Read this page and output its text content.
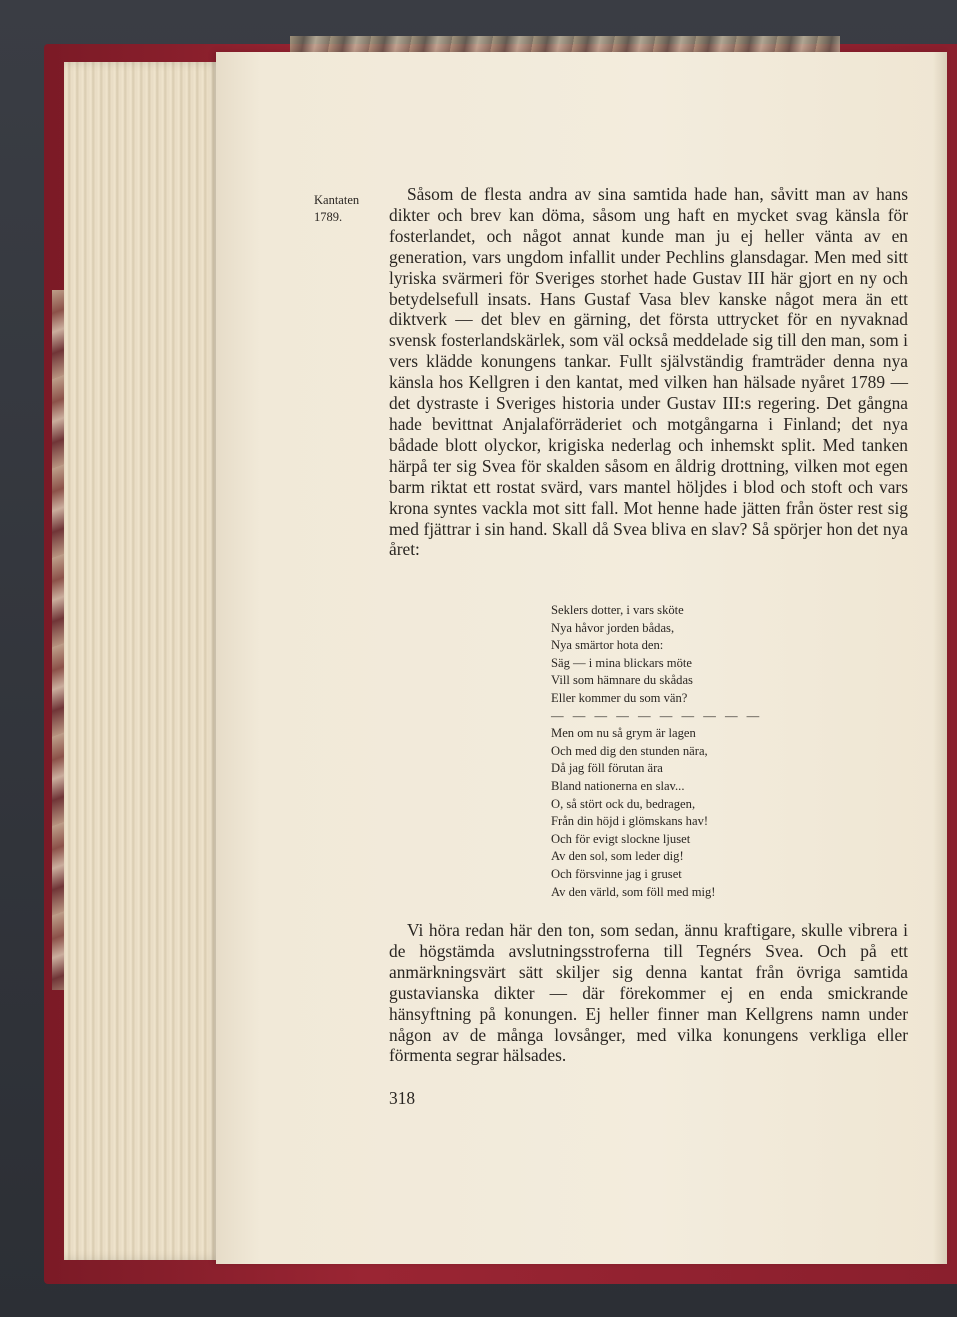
Kantaten
1789.

Såsom de flesta andra av sina samtida hade han, såvitt man av hans dikter och brev kan döma, såsom ung haft en mycket svag känsla för fosterlandet, och något annat kunde man ju ej heller vänta av en generation, vars ungdom infallit under Pechlins glansdagar. Men med sitt lyriska svärmeri för Sveriges storhet hade Gustav III här gjort en ny och betydelsefull insats. Hans Gustaf Vasa blev kanske något mera än ett diktverk — det blev en gärning, det första uttrycket för en nyvaknad svensk fosterlandskärlek, som väl också meddelade sig till den man, som i vers klädde konungens tankar. Fullt självständig framträder denna nya känsla hos Kellgren i den kantat, med vilken han hälsade nyåret 1789 — det dystraste i Sveriges historia under Gustav III:s regering. Det gångna hade bevittnat Anjalaförräderiet och motgångarna i Finland; det nya bådade blott olyckor, krigiska nederlag och inhemskt split. Med tanken härpå ter sig Svea för skalden såsom en åldrig drottning, vilken mot egen barm riktat ett rostat svärd, vars mantel höljdes i blod och stoft och vars krona syntes vackla mot sitt fall. Mot henne hade jätten från öster rest sig med fjättrar i sin hand. Skall då Svea bliva en slav? Så spörjer hon det nya året:

Seklers dotter, i vars sköte
Nya håvor jorden bådas,
Nya smärtor hota den:
Säg — i mina blickars möte
Vill som hämnare du skådas
Eller kommer du som vän?
— — — — — — — — — —
Men om nu så grym är lagen
Och med dig den stunden nära,
Då jag föll förutan ära
Bland nationerna en slav...
O, så stört ock du, bedragen,
Från din höjd i glömskans hav!
Och för evigt slockne ljuset
Av den sol, som leder dig!
Och försvinne jag i gruset
Av den värld, som föll med mig!

Vi höra redan här den ton, som sedan, ännu kraftigare, skulle vibrera i de högstämda avslutningsstroferna till Tegnérs Svea. Och på ett anmärkningsvärt sätt skiljer sig denna kantat från övriga samtida gustavianska dikter — där förekommer ej en enda smickrande hänsyftning på konungen. Ej heller finner man Kellgrens namn under någon av de många lovsånger, med vilka konungens verkliga eller förmenta segrar hälsades.

318
